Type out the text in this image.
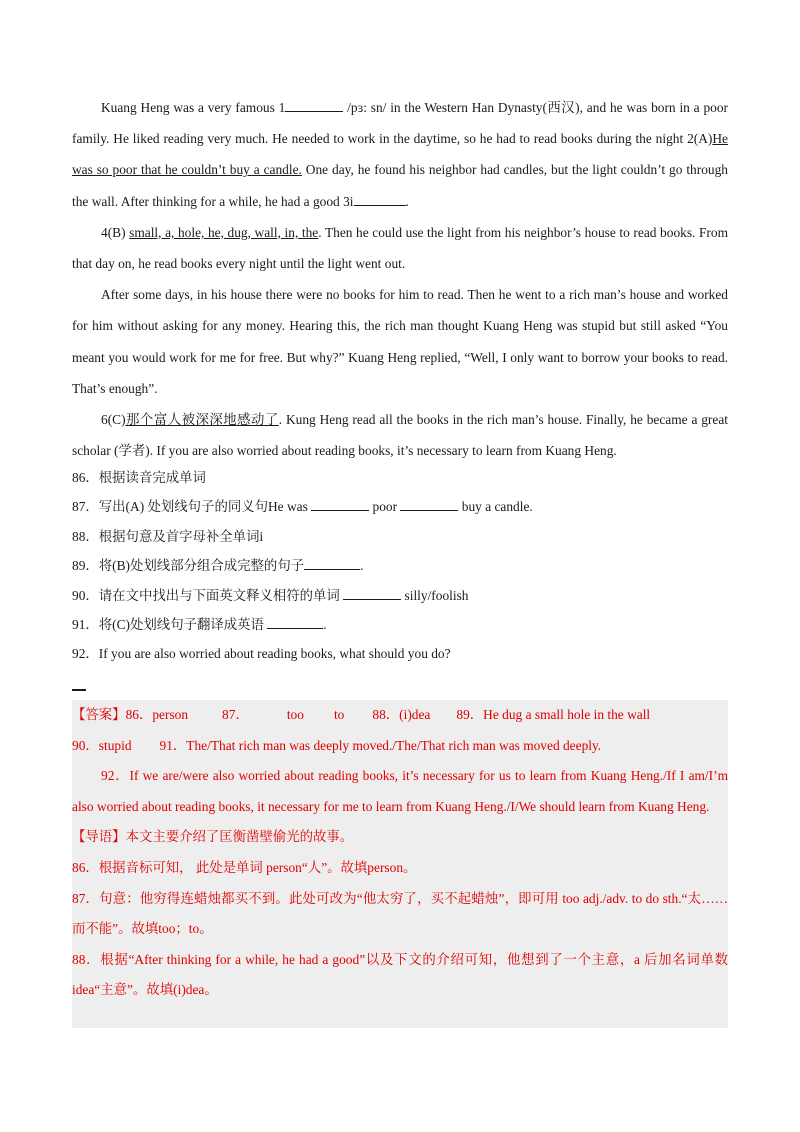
Kuang Heng was a very famous 1	/pɜ: sn/ in the Western Han Dynasty(西汉), and he was born in a poor family. He liked reading very much. He needed to work in the daytime, so he had to read books during the night 2(A)He was so poor that he couldn’t buy a candle. One day, he found his neighbor had candles, but the light couldn’t go through the wall. After thinking for a while, he had a good 3i	.

4(B) small, a, hole, he, dug, wall, in, the. Then he could use the light from his neighbor’s house to read books. From that day on, he read books every night until the light went out.

After some days, in his house there were no books for him to read. Then he went to a rich man’s house and worked for him without asking for any money. Hearing this, the rich man thought Kuang Heng was stupid but still asked “You meant you would work for me for free. But why?” Kuang Heng replied, “Well, I only want to borrow your books to read. That’s enough”.

6(C)那个富人被深深地感动了. Kung Heng read all the books in the rich man’s house. Finally, he became a great scholar (学者). If you are also worried about reading books, it’s necessary to learn from Kuang Heng.

86．根据读音完成单词
87．写出(A) 处划线句子的同义句He was	poor	buy a candle.
88．根据句意及首字母补全单词i
89．将(B)处划线部分组合成完整的句子	.
90．请在文中找出与下面英文释义相符的单词	silly/foolish
91．将(C)处划线句子翻译成英语	.
92．If you are also worried about reading books, what should you do?

【答案】86．person	87．	too to 88．(i)dea 89．He dug a small hole in the wall

90．stupid 91．The/That rich man was deeply moved./The/That rich man was moved deeply.

92．If we are/were also worried about reading books, it’s necessary for us to learn from Kuang Heng./If I am/I’m also worried about reading books, it necessary for me to learn from Kuang Heng./I/We should learn from Kuang Heng.

【导语】本文主要介绍了匡衡凿壁偷光的故事。

86．根据音标可知， 此处是单词 person“人”。故填person。

87．句意：他穷得连蜡烛都买不到。此处可改为“他太穷了，买不起蜡烛”，即可用 too adj./adv. to do sth.“太……而不能”。故填too；to。

88．根据“After thinking for a while, he had a good”以及下文的介绍可知，他想到了一个主意，a 后加名词单数 idea“主意”。故填(i)dea。
